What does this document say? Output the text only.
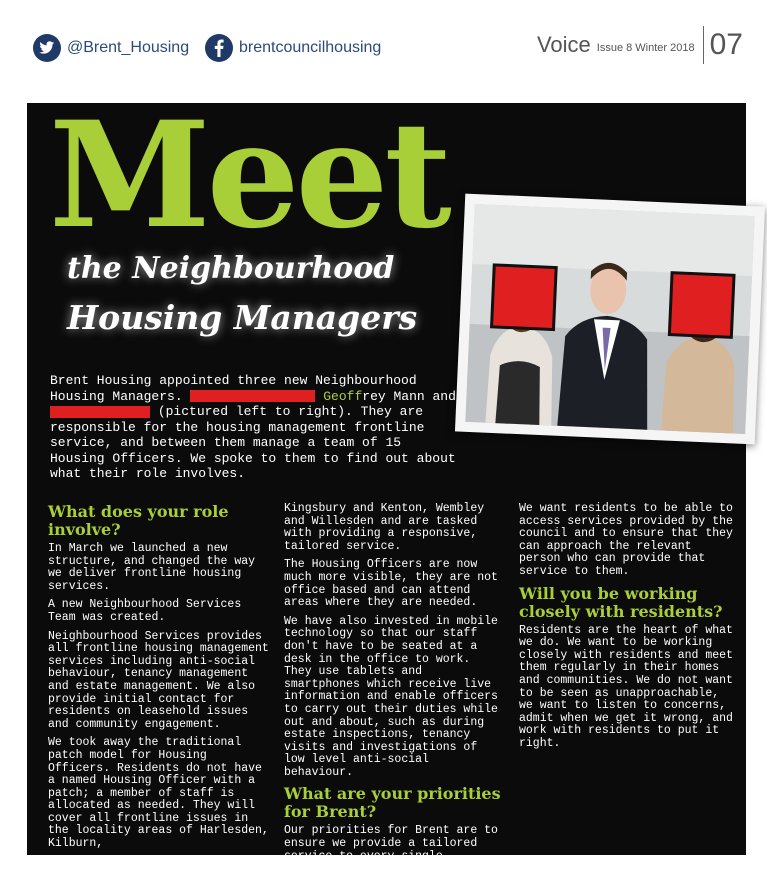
@Brent_Housing	brentcouncilhousing	Voice Issue 8 Winter 2018 07
Meet
the Neighbourhood
Housing Managers

Brent Housing appointed three new Neighbourhood Housing Managers.	Geoffrey Mann and  (pictured left to right). They are responsible for the housing management frontline service, and between them manage a team of 15 Housing Officers. We spoke to them to find out about what their role involves.

What does your role involve?

In March we launched a new structure, and changed the way we deliver frontline housing services.

A new Neighbourhood Services Team was created.

Neighbourhood Services provides all frontline housing management services including anti-social behaviour, tenancy management and estate management. We also provide initial contact for residents on leasehold issues and community engagement.

We took away the traditional patch model for Housing Officers. Residents do not have a named Housing Officer with a patch; a member of staff is allocated as needed. They will cover all frontline issues in the locality areas of Harlesden, Kilburn,

Kingsbury and Kenton, Wembley and Willesden and are tasked with providing a responsive, tailored service.

The Housing Officers are now much more visible, they are not office based and can attend areas where they are needed.

We have also invested in mobile technology so that our staff don't have to be seated at a desk in the office to work. They use tablets and smartphones which receive live information and enable officers to carry out their duties while out and about, such as during estate inspections, tenancy visits and investigations of low level anti-social behaviour.

What are your priorities for Brent?

Our priorities for Brent are to ensure we provide a tailored service to every single resident.

We want residents to be able to access services provided by the council and to ensure that they can approach the relevant person who can provide that service to them.

Will you be working closely with residents?

Residents are the heart of what we do. We want to be working closely with residents and meet them regularly in their homes and communities. We do not want to be seen as unapproachable, we want to listen to concerns, admit when we get it wrong, and work with residents to put it right.
